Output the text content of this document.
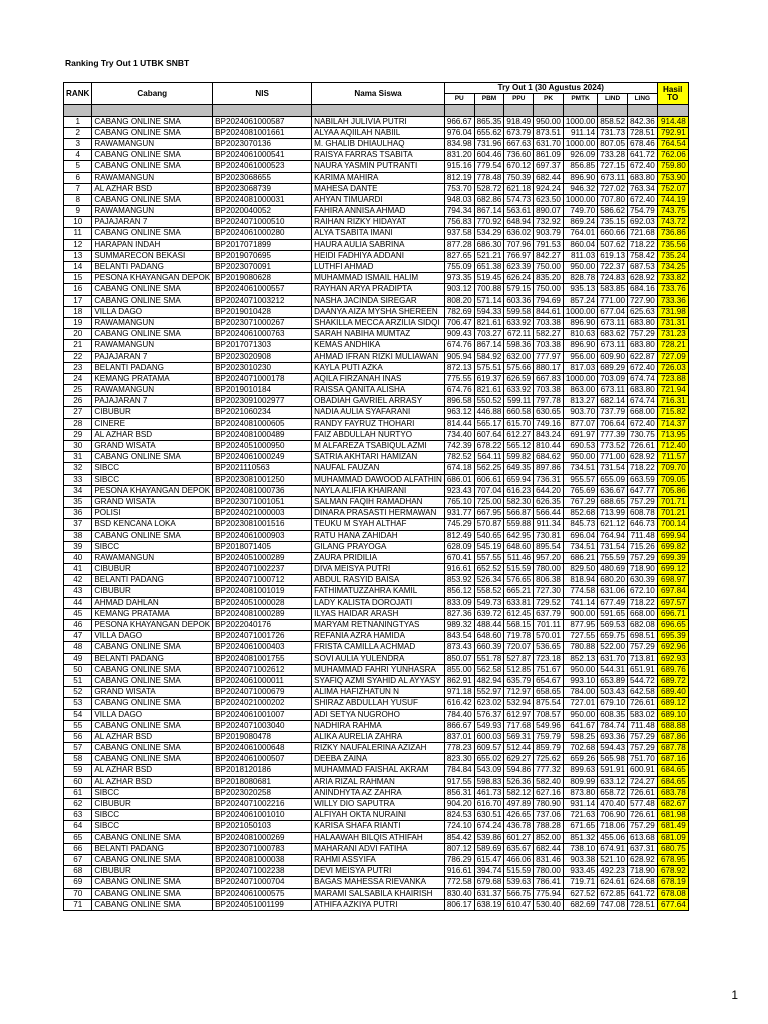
Ranking Try Out 1 UTBK SNBT
RANK	Cabang	NIS	Nama Siswa	Try Out 1 (30 Agustus 2024)							Hasil TO
				PU	PBM	PPU	PK	PMTK	LIND	LING	

1	CABANG ONLINE SMA	BP2024061000587	NABILAH JULIVIA PUTRI	966.67	865.35	918.49	950.00	1000.00	858.52	842.36	914.48
2	CABANG ONLINE SMA	BP2024081001661	ALYAA AQIILAH NABIIL	976.04	655.62	673.79	873.51	911.14	731.73	728.51	792.91
3	RAWAMANGUN	BP2023070136	M. GHALIB DHIAULHAQ	834.98	731.96	667.63	631.70	1000.00	807.05	678.46	764.54
4	CABANG ONLINE SMA	BP2024061000541	RAISYA FARRAS TSABITA	831.20	604.46	736.60	861.09	926.09	733.28	641.72	762.06
5	CABANG ONLINE SMA	BP2024061000523	NAURA YASMIN PUTRANTI	915.16	779.54	670.12	697.37	856.85	727.15	672.40	759.80
6	RAWAMANGUN	BP2023068655	KARIMA MAHIRA	812.19	778.48	750.39	682.44	896.90	673.11	683.80	753.90
7	AL AZHAR BSD	BP2023068739	MAHESA DANTE	753.70	528.72	621.18	924.24	946.32	727.02	763.34	752.07
8	CABANG ONLINE SMA	BP2024081000031	AHYAN TIMUARDI	948.03	682.86	574.73	623.50	1000.00	707.80	672.40	744.19
9	RAWAMANGUN	BP2020040052	FAHIRA ANNISA AHMAD	794.34	867.14	563.61	890.07	749.70	586.62	754.79	743.75
10	PAJAJARAN 7	BP2024071000510	RAIHAN RIZKY HIDAYAT	756.83	770.92	648.94	732.92	869.24	735.15	692.03	743.72
11	CABANG ONLINE SMA	BP2024061000280	ALYA TSABITA IMANI	937.58	534.29	636.02	903.79	764.01	660.66	721.68	736.86
12	HARAPAN INDAH	BP2017071899	HAURA AULIA SABRINA	877.28	686.30	707.96	791.53	860.04	507.62	718.22	735.56
13	SUMMARECON BEKASI	BP2019070695	HEIDI FADHIYA ADDANI	827.65	521.21	766.97	842.27	811.03	619.13	758.42	735.24
14	BELANTI PADANG	BP2023070091	LUTHFI AHMAD	755.09	651.38	623.39	750.00	950.00	722.37	687.53	734.25
15	PESONA KHAYANGAN DEPOK	BP2019080628	MUHAMMAD ISMAIL HALIM	973.35	519.45	626.24	835.20	828.78	724.83	628.92	733.82
16	CABANG ONLINE SMA	BP2024061000557	RAYHAN ARYA PRADIPTA	903.12	700.88	579.15	750.00	935.13	583.85	684.16	733.76
17	CABANG ONLINE SMA	BP2024071003212	NASHA JACINDA SIREGAR	808.20	571.14	603.36	794.69	857.24	771.00	727.90	733.36
18	VILLA DAGO	BP2019010428	DAANYA AIZA MYSHA SHEREEN	782.69	594.33	599.58	844.61	1000.00	677.04	625.63	731.98
19	RAWAMANGUN	BP2023071000267	SHAKILLA MECCA ARZILIA SIDQI	706.47	821.61	633.92	703.38	896.90	673.11	683.80	731.31
20	CABANG ONLINE SMA	BP2024061000763	SARAH NABIHA MUMTAZ	909.43	703.27	672.11	582.27	810.63	683.62	757.29	731.23
21	RAWAMANGUN	BP2017071303	KEMAS ANDHIKA	674.76	867.14	598.36	703.38	896.90	673.11	683.80	728.21
22	PAJAJARAN 7	BP2023020908	AHMAD IFRAN RIZKI MULIAWAN	905.94	584.92	632.00	777.97	956.00	609.90	622.87	727.09
23	BELANTI PADANG	BP2023010230	KAYLA PUTI AZKA	872.13	575.51	575.66	880.17	817.03	689.29	672.40	726.03
24	KEMANG PRATAMA	BP2024071000178	AQILA FIRZANAH INAS	775.55	619.37	626.59	667.83	1000.00	703.09	674.74	723.88
25	RAWAMANGUN	BP2019010184	RAISSA QANITA ALISHA	674.76	821.61	633.92	703.38	863.00	673.11	683.80	721.94
26	PAJAJARAN 7	BP2023091002977	OBADIAH GAVRIEL ARRASY	896.58	550.52	599.11	797.78	813.27	682.14	674.74	716.31
27	CIBUBUR	BP2021060234	NADIA AULIA SYAFARANI	963.12	446.88	660.58	630.65	903.70	737.79	668.00	715.82
28	CINERE	BP2024081000605	RANDY FAYRUZ THOHARI	814.44	565.17	615.70	749.16	877.07	706.64	672.40	714.37
29	AL AZHAR BSD	BP2024081000489	FAIZ ABDULLAH NURTYO	734.40	607.64	612.27	843.24	691.97	777.39	730.75	713.95
30	GRAND WISATA	BP2024051000950	M ALFAREZA TSABIQUL AZMI	742.39	678.22	565.12	810.44	690.53	773.52	726.61	712.40
31	CABANG ONLINE SMA	BP2024061000249	SATRIA AKHTARI HAMIZAN	782.52	564.11	599.82	684.62	950.00	771.00	628.92	711.57
32	SIBCC	BP2021110563	NAUFAL FAUZAN	674.18	562.25	649.35	897.86	734.51	731.54	718.22	709.70
33	SIBCC	BP2023081001250	MUHAMMAD DAWOOD ALFATHIN	686.01	606.61	659.94	736.31	955.57	655.09	663.59	709.05
34	PESONA KHAYANGAN DEPOK	BP2024081000736	NAYLA ALIFIA KHAIRANI	923.43	707.04	616.23	644.20	765.69	636.67	647.77	705.86
35	GRAND WISATA	BP2023071001051	SALMAN FAQIH RAMADHAN	765.10	725.00	582.30	626.35	767.29	688.65	757.29	701.71
36	POLISI	BP2024021000003	DINARA PRASASTI HERMAWAN	931.77	667.95	566.87	566.44	852.68	713.99	608.78	701.21
37	BSD KENCANA LOKA	BP2023081001516	TEUKU M SYAH ALTHAF	745.29	570.87	559.88	911.34	845.73	621.12	646.73	700.14
38	CABANG ONLINE SMA	BP2024061000903	RATU HANA ZAHIDAH	812.49	540.65	642.95	730.81	696.04	764.94	711.48	699.94
39	SIBCC	BP2018071405	GILANG PRAYOGA	628.09	545.19	648.60	895.54	734.51	731.54	715.26	699.82
40	RAWAMANGUN	BP2024051000289	ZAURA PRIDILIA	670.41	557.55	511.46	957.20	686.21	755.59	757.29	699.39
41	CIBUBUR	BP2024071002237	DIVA MEISYA PUTRI	916.61	652.52	515.59	780.00	829.50	480.69	718.90	699.12
42	BELANTI PADANG	BP2024071000712	ABDUL RASYID BAISA	853.92	526.34	576.65	806.38	818.94	680.20	630.39	698.97
43	CIBUBUR	BP2024081001019	FATHIMATUZZAHRA KAMIL	856.12	558.52	665.21	727.30	774.58	631.06	672.10	697.84
44	AHMAD DAHLAN	BP2024051000028	LADY KALISTA DOROJATI	833.09	549.73	633.81	729.52	741.14	677.49	718.22	697.57
45	KEMANG PRATAMA	BP2024081000289	ILYAS HAIDAR ARASH	827.36	639.72	612.45	637.79	900.00	591.65	668.00	696.71
46	PESONA KHAYANGAN DEPOK	BP2022040176	MARYAM RETNANINGTYAS	989.32	488.44	568.15	701.11	877.95	569.53	682.08	696.65
47	VILLA DAGO	BP2024071001726	REFANIA AZRA HAMIDA	843.54	648.60	719.78	570.01	727.55	659.75	698.51	695.39
48	CABANG ONLINE SMA	BP2024061000403	FRISTA CAMILLA ACHMAD	873.43	660.39	720.07	536.65	780.88	522.00	757.29	692.96
49	BELANTI PADANG	BP2024081001755	SOVI AULIA YULENDRA	850.07	551.78	527.87	723.18	852.13	631.70	713.81	692.93
50	CABANG ONLINE SMA	BP2024071002612	MUHAMMAD FAHRI YUNHASRA	855.00	562.58	512.85	751.67	950.00	544.31	651.91	689.76
51	CABANG ONLINE SMA	BP2024061000011	SYAFIQ AZMI SYAHID AL AYYASY	862.91	482.94	635.79	654.67	993.10	653.89	544.72	689.72
52	GRAND WISATA	BP2024071000679	ALIMA HAFIZHATUN N	971.18	552.97	712.97	658.65	784.00	503.43	642.58	689.40
53	CABANG ONLINE SMA	BP2024021000202	SHIRAZ ABDULLAH YUSUF	616.42	623.02	532.94	875.54	727.01	679.10	726.61	689.12
54	VILLA DAGO	BP2024061001007	ADI SETYA NUGROHO	784.40	576.37	612.97	708.57	950.00	608.35	583.02	689.10
55	CABANG ONLINE SMA	BP2024071003040	NADHIRA RAHMA	866.67	549.93	717.68	549.96	641.67	784.74	711.48	688.88
56	AL AZHAR BSD	BP2019080478	ALIKA AURELIA ZAHRA	837.01	600.03	569.31	759.79	598.25	693.36	757.29	687.86
57	CABANG ONLINE SMA	BP2024061000648	RIZKY NAUFALERINA AZIZAH	778.23	609.57	512.44	859.79	702.68	594.43	757.29	687.78
58	CABANG ONLINE SMA	BP2024061000507	DEEBA ZAINA	823.30	655.02	629.27	725.62	659.26	565.98	751.70	687.16
59	AL AZHAR BSD	BP2018120186	MUHAMMAD FAISHAL AKRAM	784.84	543.09	594.86	777.32	899.63	591.91	600.91	684.65
60	AL AZHAR BSD	BP2018080681	ARIA RIZAL RAHMAN	917.55	598.83	526.36	582.40	809.99	633.12	724.27	684.65
61	SIBCC	BP2023020258	ANINDHYTA AZ ZAHRA	856.31	461.73	582.12	627.16	873.80	658.72	726.61	683.78
62	CIBUBUR	BP2024071002216	WILLY DIO SAPUTRA	904.20	616.70	497.89	780.90	931.14	470.40	577.48	682.67
63	SIBCC	BP2024061001010	ALFIYAH OKTA NURAINI	824.53	630.51	426.65	737.06	721.63	706.90	726.61	681.98
64	SIBCC	BP2021050103	KARISA SHAFA RIANTI	724.10	674.24	436.78	788.28	671.65	718.06	757.29	681.49
65	CABANG ONLINE SMA	BP2024081000269	HALAAWAH BILQIS ATHIFAH	854.42	539.86	601.27	852.00	851.32	455.06	613.68	681.09
66	BELANTI PADANG	BP2023071000783	MAHARANI ADVI FATIHA	807.12	589.69	635.67	682.44	738.10	674.91	637.31	680.75
67	CABANG ONLINE SMA	BP2024081000038	RAHMI ASSYIFA	786.29	615.47	466.06	831.46	903.38	521.10	628.92	678.95
68	CIBUBUR	BP2024071002238	DEVI MEISYA PUTRI	916.61	394.74	515.59	780.00	933.45	492.23	718.90	678.92
69	CABANG ONLINE SMA	BP2024071000704	BAGAS MAHESSA RIEVANKA	772.58	679.68	539.63	786.41	719.71	624.61	624.68	678.19
70	CABANG ONLINE SMA	BP2024061000575	MARAMI SALSABILA KHAIRISH	830.40	631.37	566.75	775.94	627.52	672.85	641.72	678.08
71	CABANG ONLINE SMA	BP2024051001199	ATHIFA AZKIYA PUTRI	806.17	638.19	610.47	530.40	682.69	747.08	728.51	677.64
1
